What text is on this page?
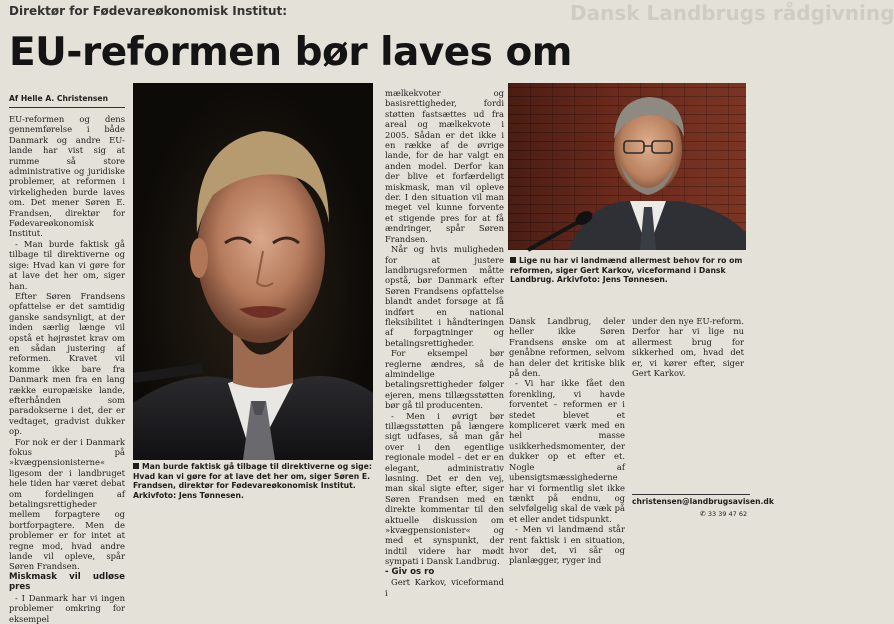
Direktør for Fødevareøkonomisk Institut:	Dansk Landbrugs rådgivning
EU-reformen bør laves om
Af Helle A. Christensen

EU-reformen og dens gennemførelse i både Danmark og andre EU-lande har vist sig at rumme så store administrative og juridiske problemer, at reformen i virkeligheden burde laves om. Det mener Søren E. Frandsen, direktør for Fødevareøkonomisk Institut.

- Man burde faktisk gå tilbage til direktiverne og sige: Hvad kan vi gøre for at lave det her om, siger han.

Efter Søren Frandsens opfattelse er det samtidig ganske sandsynligt, at der inden særlig længe vil opstå et højrøstet krav om en sådan justering af reformen. Kravet vil komme ikke bare fra Danmark men fra en lang række europæiske lande, efterhånden som paradokserne i det, der er vedtaget, gradvist dukker op.

For nok er der i Danmark fokus på »kvægpensionisterne« ligesom der i landbruget hele tiden har været debat om fordelingen af betalingsrettigheder mellem forpagtere og bortforpagtere. Men de problemer er for intet at regne mod, hvad andre lande vil opleve, spår Søren Frandsen.

Miskmask vil udløse pres

- I Danmark har vi ingen problemer omkring for eksempel

Man burde faktisk gå tilbage til direktiverne og sige: Hvad kan vi gøre for at lave det her om, siger Søren E. Frandsen, direktør for Fødevareøkonomisk Institut. Arkivfoto: Jens Tønnesen.

mælkekvoter og basisrettigheder, fordi støtten fastsættes ud fra areal og mælkekvote i 2005. Sådan er det ikke i en række af de øvrige lande, for de har valgt en anden model. Derfor kan der blive et forfærdeligt miskmask, man vil opleve der. I den situation vil man meget vel kunne forvente et stigende pres for at få ændringer, spår Søren Frandsen.

Når og hvis muligheden for at justere landbrugsreformen måtte opstå, bør Danmark efter Søren Frandsens opfattelse blandt andet forsøge at få indført en national fleksibilitet i håndteringen af forpagtninger og betalingsrettigheder.

For eksempel bør reglerne ændres, så de almindelige betalingsrettigheder følger ejeren, mens tillægsstøtten bør gå til producenten.

- Men i øvrigt bør tillægsstøtten på længere sigt udfases, så man går over i den egentlige regionale model – det er en elegant, administrativ løsning. Det er den vej, man skal sigte efter, siger Søren Frandsen med en direkte kommentar til den aktuelle diskussion om »kvægpensionister« og med et synspunkt, der indtil videre har mødt sympati i Dansk Landbrug.

- Giv os ro

Gert Karkov, viceformand i

Lige nu har vi landmænd allermest behov for ro om reformen, siger Gert Karkov, viceformand i Dansk Landbrug. Arkivfoto: Jens Tønnesen.

Dansk Landbrug, deler heller ikke Søren Frandsens ønske om at genåbne reformen, selvom han deler det kritiske blik på den.

- Vi har ikke fået den forenkling, vi havde forventet – reformen er i stedet blevet et kompliceret værk med en hel masse usikkerhedsmomenter, der dukker op et efter et. Nogle af ubensigtsmæssighederne har vi formentlig slet ikke tænkt på endnu, og selvfølgelig skal de væk på et eller andet tidspunkt.

- Men vi landmænd står rent faktisk i en situation, hvor det, vi sår og planlægger, ryger ind

under den nye EU-reform. Derfor har vi lige nu allermest brug for sikkerhed om, hvad det er, vi kører efter, siger Gert Karkov.

christensen@landbrugsavisen.dk
✆ 33 39 47 62
